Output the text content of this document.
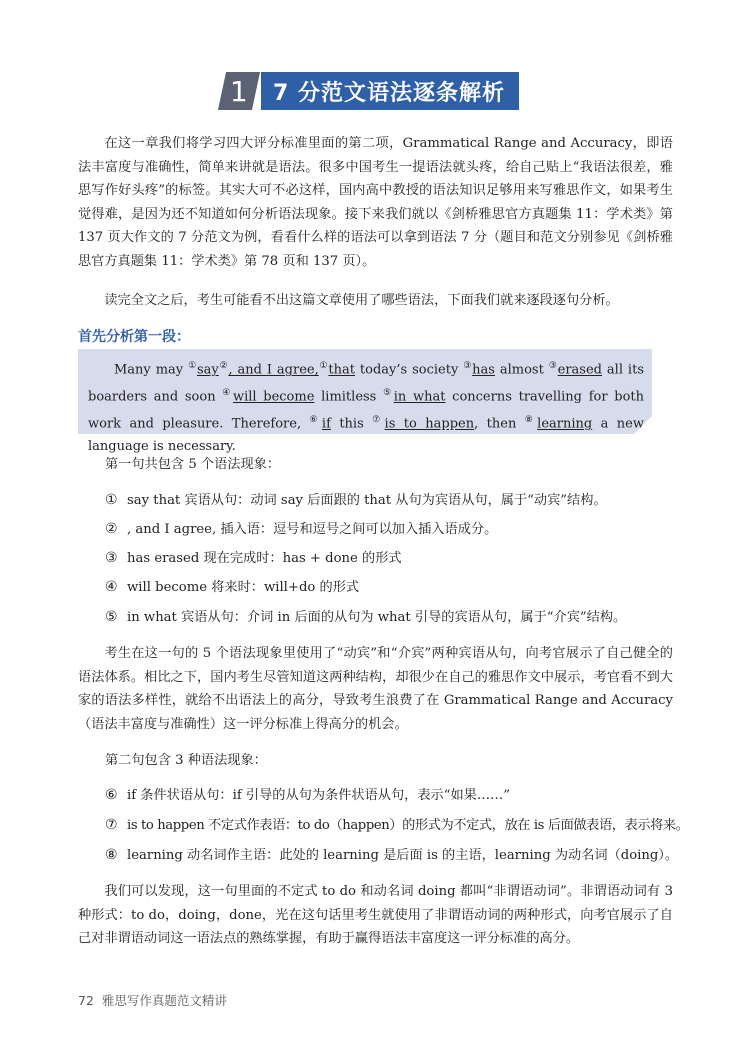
1	7 分范文语法逐条解析
在这一章我们将学习四大评分标准里面的第二项，Grammatical Range and Accuracy，即语法丰富度与准确性，简单来讲就是语法。很多中国考生一提语法就头疼，给自己贴上“我语法很差，雅思写作好头疼”的标签。其实大可不必这样，国内高中教授的语法知识足够用来写雅思作文，如果考生觉得难，是因为还不知道如何分析语法现象。接下来我们就以《剑桥雅思官方真题集 11：学术类》第 137 页大作文的 7 分范文为例，看看什么样的语法可以拿到语法 7 分（题目和范文分别参见《剑桥雅思官方真题集 11：学术类》第 78 页和 137 页）。
读完全文之后，考生可能看不出这篇文章使用了哪些语法，下面我们就来逐段逐句分析。
首先分析第一段：
Many may ①say②, and I agree,①that today’s society ③has almost ③erased all its boarders and soon ④will become limitless ⑤in what concerns travelling for both work and pleasure. Therefore, ⑥if this ⑦is to happen, then ⑧learning a new language is necessary.
第一句共包含 5 个语法现象：
① say that 宾语从句：动词 say 后面跟的 that 从句为宾语从句，属于“动宾”结构。
② , and I agree, 插入语：逗号和逗号之间可以加入插入语成分。
③ has erased 现在完成时：has + done 的形式
④ will become 将来时：will+do 的形式
⑤ in what 宾语从句：介词 in 后面的从句为 what 引导的宾语从句，属于“介宾”结构。
考生在这一句的 5 个语法现象里使用了“动宾”和“介宾”两种宾语从句，向考官展示了自己健全的语法体系。相比之下，国内考生尽管知道这两种结构，却很少在自己的雅思作文中展示，考官看不到大家的语法多样性，就给不出语法上的高分，导致考生浪费了在 Grammatical Range and Accuracy（语法丰富度与准确性）这一评分标准上得高分的机会。
第二句包含 3 种语法现象：
⑥ if 条件状语从句：if 引导的从句为条件状语从句，表示“如果……”
⑦ is to happen 不定式作表语：to do（happen）的形式为不定式，放在 is 后面做表语，表示将来。
⑧ learning 动名词作主语：此处的 learning 是后面 is 的主语，learning 为动名词（doing）。
我们可以发现，这一句里面的不定式 to do 和动名词 doing 都叫“非谓语动词”。非谓语动词有 3 种形式：to do，doing，done，光在这句话里考生就使用了非谓语动词的两种形式，向考官展示了自己对非谓语动词这一语法点的熟练掌握，有助于赢得语法丰富度这一评分标准的高分。
72 雅思写作真题范文精讲
